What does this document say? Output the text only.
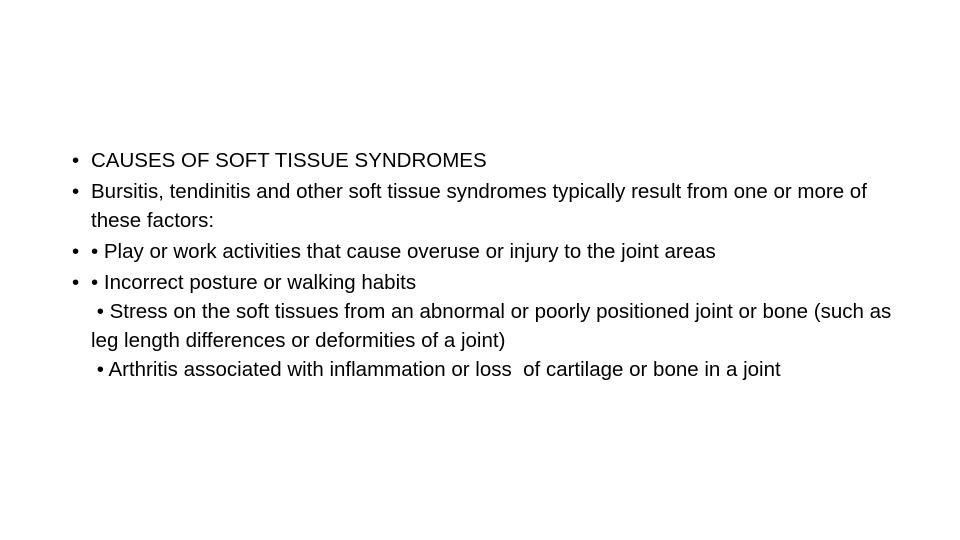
• CAUSES OF SOFT TISSUE SYNDROMES
• Bursitis, tendinitis and other soft tissue syndromes typically result from one or more of these factors:
• • Play or work activities that cause overuse or injury to the joint areas
• • Incorrect posture or walking habits
• Stress on the soft tissues from an abnormal or poorly positioned joint or bone (such as leg length differences or deformities of a joint)
• Arthritis associated with inflammation or loss  of cartilage or bone in a joint
